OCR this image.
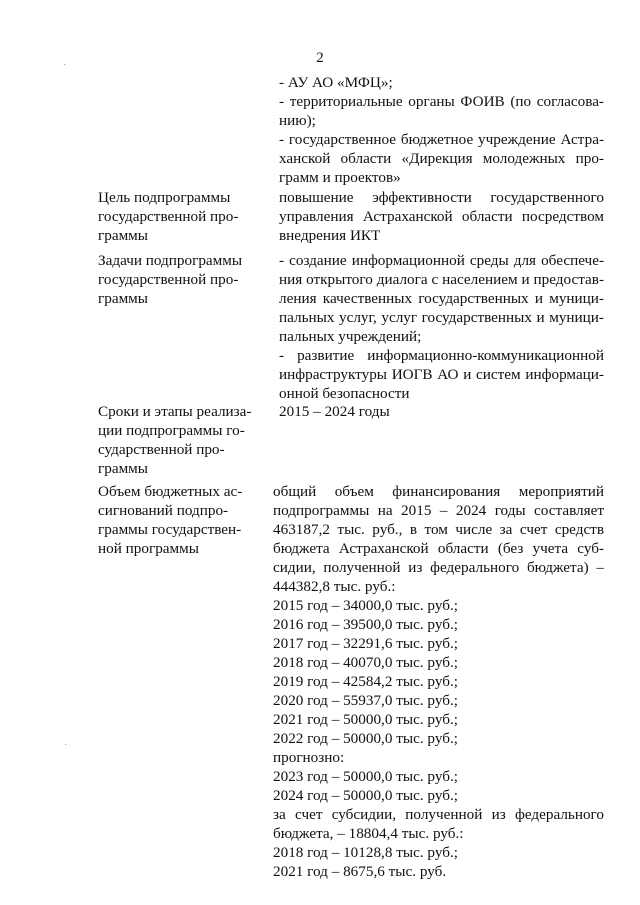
2
- АУ АО «МФЦ»;
- территориальные органы ФОИВ (по согласова-
нию);
- государственное бюджетное учреждение Астра-
ханской области «Дирекция молодежных про-
грамм и проектов»
Цель подпрограммы
государственной про-
граммы
повышение эффективности государственного
управления Астраханской области посредством
внедрения ИКТ
Задачи подпрограммы
государственной про-
граммы
- создание информационной среды для обеспече-
ния открытого диалога с населением и предостав-
ления качественных государственных и муници-
пальных услуг, услуг государственных и муници-
пальных учреждений;
- развитие информационно-коммуникационной
инфраструктуры ИОГВ АО и систем информаци-
онной безопасности
Сроки и этапы реализа-
ции подпрограммы го-
сударственной про-
граммы
2015 – 2024 годы
Объем бюджетных ас-
сигнований подпро-
граммы государствен-
ной программы
общий объем финансирования мероприятий
подпрограммы на 2015 – 2024 годы составляет
463187,2 тыс. руб., в том числе за счет средств
бюджета Астраханской области (без учета суб-
сидии, полученной из федерального бюджета) –
444382,8 тыс. руб.:
2015 год – 34000,0 тыс. руб.;
2016 год – 39500,0 тыс. руб.;
2017 год – 32291,6 тыс. руб.;
2018 год – 40070,0 тыс. руб.;
2019 год – 42584,2 тыс. руб.;
2020 год – 55937,0 тыс. руб.;
2021 год – 50000,0 тыс. руб.;
2022 год – 50000,0 тыс. руб.;
прогнозно:
2023 год – 50000,0 тыс. руб.;
2024 год – 50000,0 тыс. руб.;
за счет субсидии, полученной из федерального
бюджета, – 18804,4 тыс. руб.:
2018 год – 10128,8 тыс. руб.;
2021 год – 8675,6 тыс. руб.
·
·
